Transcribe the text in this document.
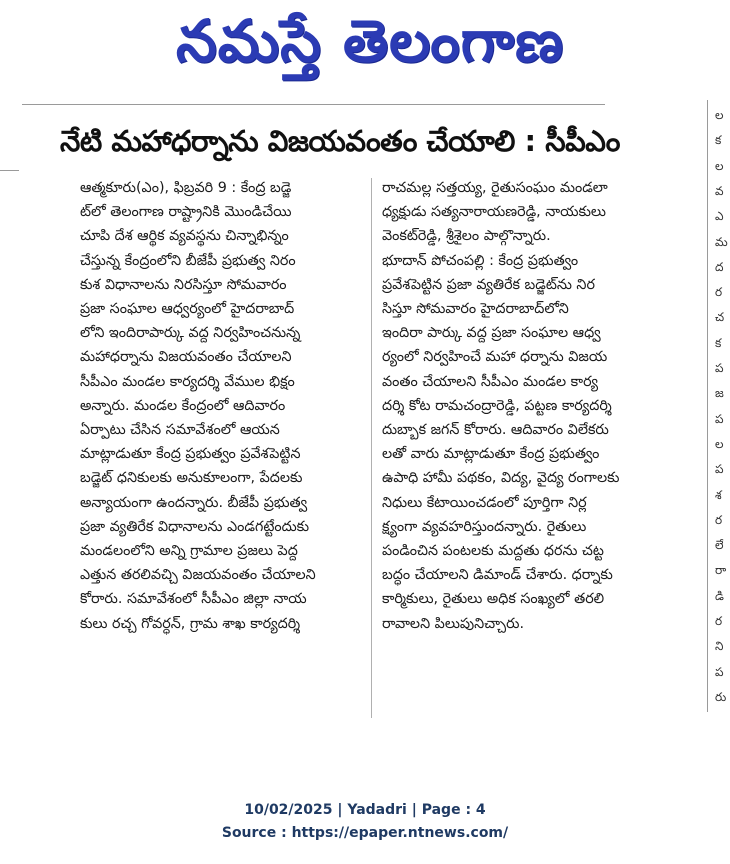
నమస్తే తెలంగాణ
ల
క
ల
వ
ఎ
మ
ద
ర
చ
క
ప
జ
ప
ల
ప
శ
ర
లే
రా
డి
ర
ని
ప
రు
నేటి మహాధర్నాను విజయవంతం చేయాలి : సీపీఎం
ఆత్మకూరు(ఎం), ఫిబ్రవరి 9 : కేంద్ర బడ్జె
ట్‌లో తెలంగాణ రాష్ట్రానికి మొండిచేయి
చూపి దేశ ఆర్థిక వ్యవస్థను చిన్నాభిన్నం
చేస్తున్న కేంద్రంలోని బీజేపీ ప్రభుత్వ నిరం
కుశ విధానాలను నిరసిస్తూ సోమవారం
ప్రజా సంఘాల ఆధ్వర్యంలో హైదరాబాద్
లోని ఇందిరాపార్కు వద్ద నిర్వహించనున్న
మహాధర్నాను విజయవంతం చేయాలని
సీపీఎం మండల కార్యదర్శి వేముల భిక్షం
అన్నారు. మండల కేంద్రంలో ఆదివారం
ఏర్పాటు చేసిన సమావేశంలో ఆయన
మాట్లాడుతూ కేంద్ర ప్రభుత్వం ప్రవేశపెట్టిన
బడ్జెట్ ధనికులకు అనుకూలంగా, పేదలకు
అన్యాయంగా ఉందన్నారు. బీజేపీ ప్రభుత్వ
ప్రజా వ్యతిరేక విధానాలను ఎండగట్టేందుకు
మండలంలోని అన్ని గ్రామాల ప్రజలు పెద్ద
ఎత్తున తరలివచ్చి విజయవంతం చేయాలని
కోరారు. సమావేశంలో సీపీఎం జిల్లా నాయ
కులు రచ్చ గోవర్ధన్, గ్రామ శాఖ కార్యదర్శి
రాచమల్ల సత్తయ్య, రైతుసంఘం మండలా
ధ్యక్షుడు సత్యనారాయణరెడ్డి, నాయకులు
వెంకట్‌రెడ్డి, శ్రీశైలం పాల్గొన్నారు.
భూదాన్ పోచంపల్లి : కేంద్ర ప్రభుత్వం
ప్రవేశపెట్టిన ప్రజా వ్యతిరేక బడ్జెట్‌ను నిర
సిస్తూ సోమవారం హైదరాబాద్‌లోని
ఇందిరా పార్కు వద్ద ప్రజా సంఘాల ఆధ్వ
ర్యంలో నిర్వహించే మహా ధర్నాను విజయ
వంతం చేయాలని సీపీఎం మండల కార్య
దర్శి కోట రామచంద్రారెడ్డి, పట్టణ కార్యదర్శి
దుబ్బాక జగన్ కోరారు. ఆదివారం విలేకరు
లతో వారు మాట్లాడుతూ కేంద్ర ప్రభుత్వం
ఉపాధి హామీ పథకం, విద్య, వైద్య రంగాలకు
నిధులు కేటాయించడంలో పూర్తిగా నిర్ల
క్ష్యంగా వ్యవహరిస్తుందన్నారు. రైతులు
పండించిన పంటలకు మద్దతు ధరను చట్ట
బద్ధం చేయాలని డిమాండ్ చేశారు. ధర్నాకు
కార్మికులు, రైతులు అధిక సంఖ్యలో తరలి
రావాలని పిలుపునిచ్చారు.
10/02/2025 | Yadadri | Page : 4
Source : https://epaper.ntnews.com/
